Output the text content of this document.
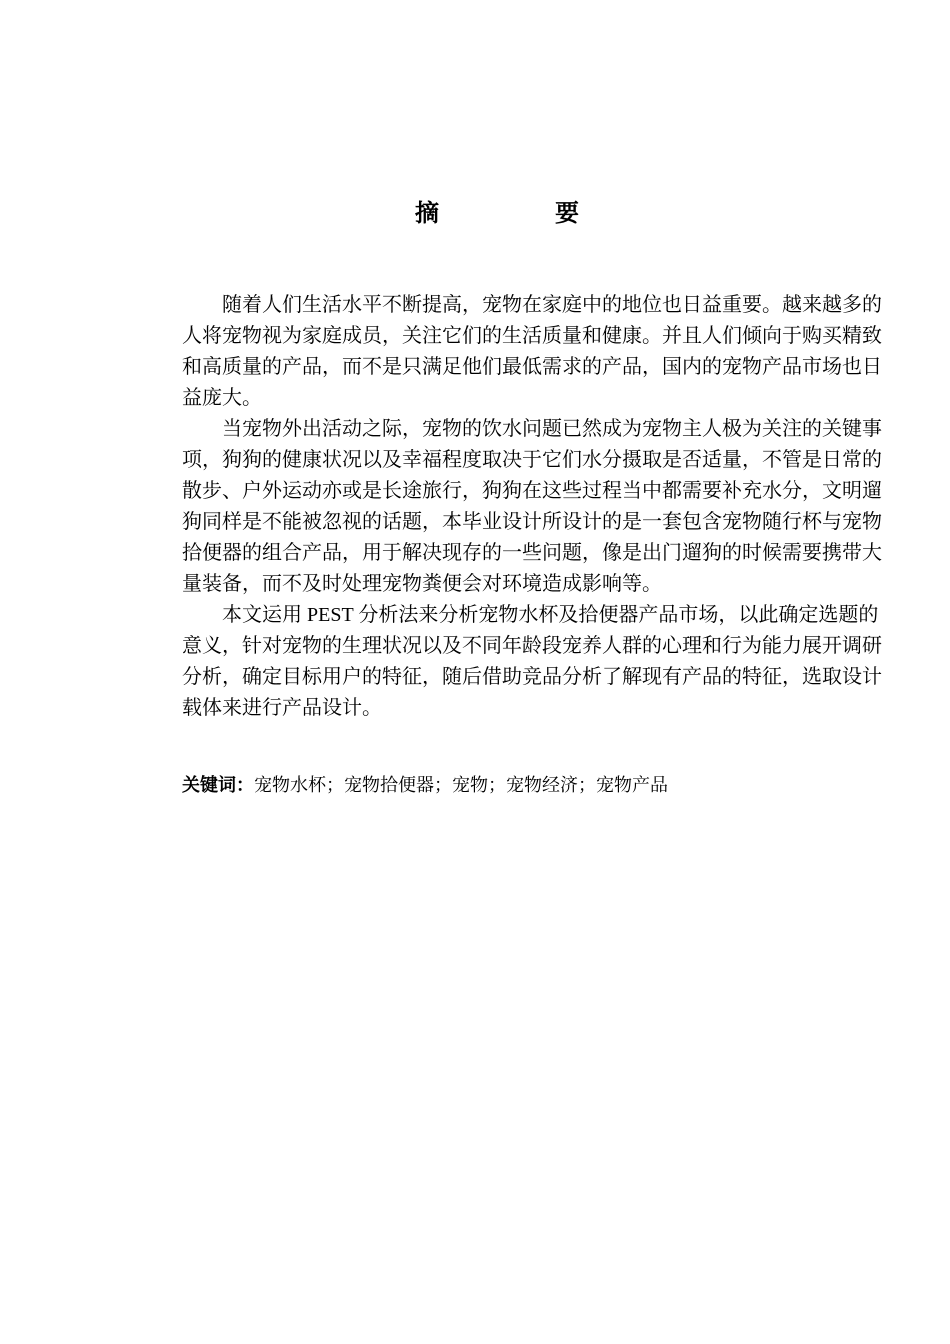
摘　要
随着人们生活水平不断提高，宠物在家庭中的地位也日益重要。越来越多的
人将宠物视为家庭成员，关注它们的生活质量和健康。并且人们倾向于购买精致
和高质量的产品，而不是只满足他们最低需求的产品，国内的宠物产品市场也日
益庞大。
当宠物外出活动之际，宠物的饮水问题已然成为宠物主人极为关注的关键事
项，狗狗的健康状况以及幸福程度取决于它们水分摄取是否适量，不管是日常的
散步、户外运动亦或是长途旅行，狗狗在这些过程当中都需要补充水分，文明遛
狗同样是不能被忽视的话题，本毕业设计所设计的是一套包含宠物随行杯与宠物
拾便器的组合产品，用于解决现存的一些问题，像是出门遛狗的时候需要携带大
量装备，而不及时处理宠物粪便会对环境造成影响等。
本文运用 PEST 分析法来分析宠物水杯及拾便器产品市场，以此确定选题的
意义，针对宠物的生理状况以及不同年龄段宠养人群的心理和行为能力展开调研
分析，确定目标用户的特征，随后借助竞品分析了解现有产品的特征，选取设计
载体来进行产品设计。
关键词：宠物水杯；宠物拾便器；宠物；宠物经济；宠物产品
